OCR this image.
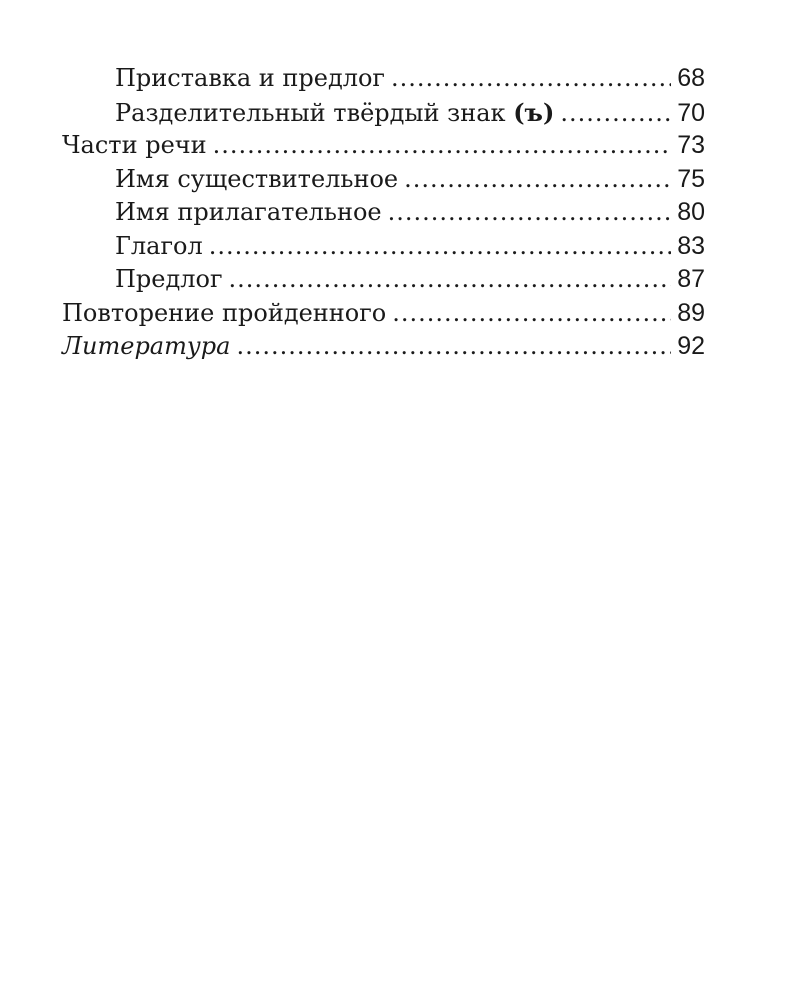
Приставка и предлог .....	68
Разделительный твёрдый знак (ъ) .....	70
Части речи .....	73
Имя существительное .....	75
Имя прилагательное .....	80
Глагол .....	83
Предлог .....	87
Повторение пройденного .....	89
Литература .....	92
